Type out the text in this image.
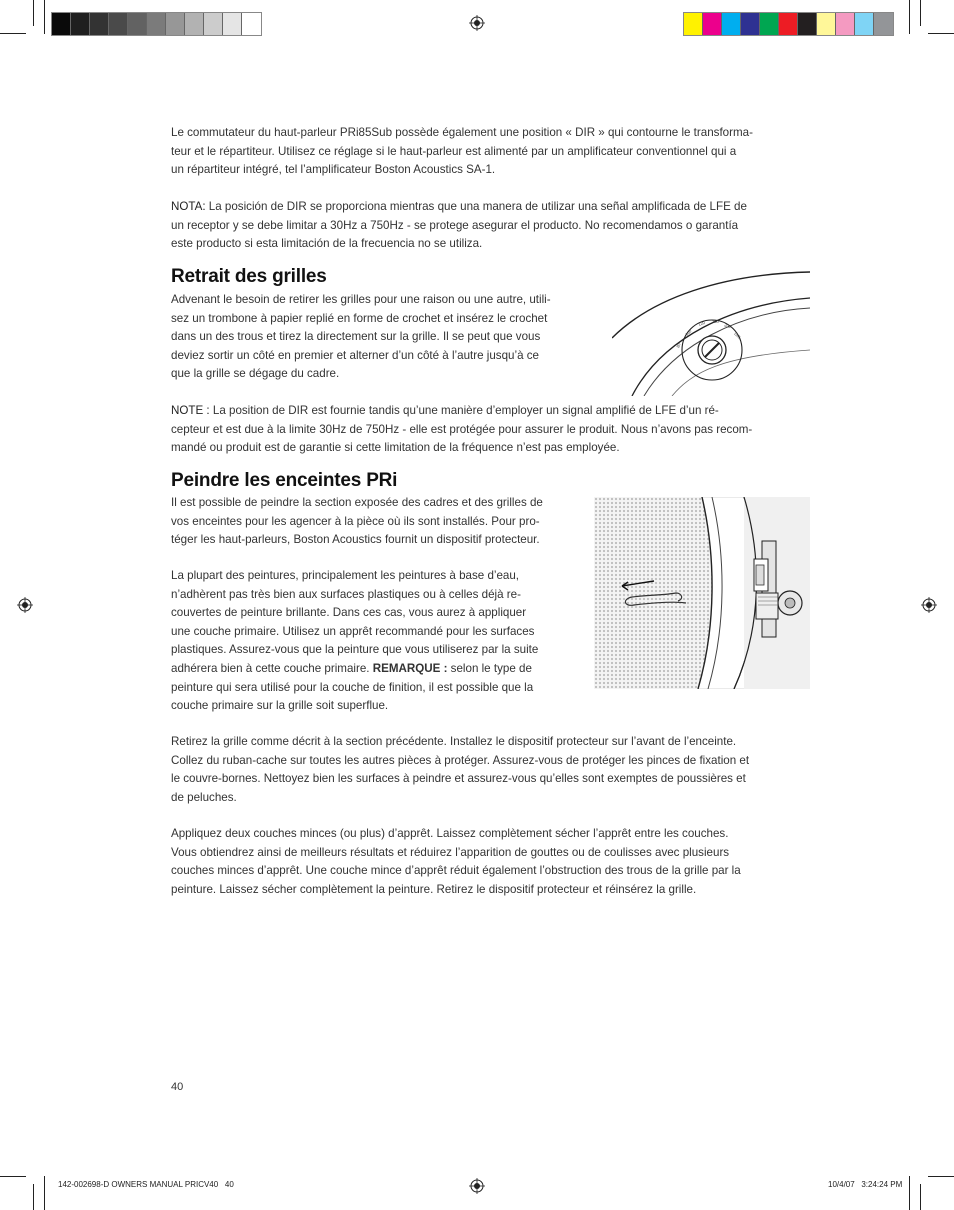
Le commutateur du haut-parleur PRi85Sub possède également une position « DIR » qui contourne le transforma-
teur et le répartiteur. Utilisez ce réglage si le haut-parleur est alimenté par un amplificateur conventionnel qui a
un répartiteur intégré, tel l’amplificateur Boston Acoustics SA-1.

NOTA: La posición de DIR se proporciona mientras que una manera de utilizar una señal amplificada de LFE de
un receptor y se debe limitar a 30Hz a 750Hz - se protege asegurar el producto. No recomendamos o garantía
este producto si esta limitación de la frecuencia no se utiliza.

Retrait des grilles

Advenant le besoin de retirer les grilles pour une raison ou une autre, utili-
sez un trombone à papier replié en forme de crochet et insérez le crochet
dans un des trous et tirez la directement sur la grille. Il se peut que vous
deviez sortir un côté en premier et alterner d’un côté à l’autre jusqu’à ce
que la grille se dégage du cadre.

100
120 150
200
DIR
80

NOTE : La position de DIR est fournie tandis qu’une manière d’employer un signal amplifié de LFE d’un ré-
cepteur et est due à la limite 30Hz de 750Hz - elle est protégée pour assurer le produit. Nous n’avons pas recom-
mandé ou produit est de garantie si cette limitation de la fréquence n’est pas employée.

Peindre les enceintes PRi

Il est possible de peindre la section exposée des cadres et des grilles de
vos enceintes pour les agencer à la pièce où ils sont installés. Pour pro-
téger les haut-parleurs, Boston Acoustics fournit un dispositif protecteur.

La plupart des peintures, principalement les peintures à base d’eau,
n’adhèrent pas très bien aux surfaces plastiques ou à celles déjà re-
couvertes de peinture brillante. Dans ces cas, vous aurez à appliquer
une couche primaire. Utilisez un apprêt recommandé pour les surfaces
plastiques. Assurez-vous que la peinture que vous utiliserez par la suite
adhérera bien à cette couche primaire. REMARQUE : selon le type de
peinture qui sera utilisé pour la couche de finition, il est possible que la
couche primaire sur la grille soit superflue.

Retirez la grille comme décrit à la section précédente. Installez le dispositif protecteur sur l’avant de l’enceinte.
Collez du ruban-cache sur toutes les autres pièces à protéger. Assurez-vous de protéger les pinces de fixation et
le couvre-bornes. Nettoyez bien les surfaces à peindre et assurez-vous qu’elles sont exemptes de poussières et
de peluches.

Appliquez deux couches minces (ou plus) d’apprêt. Laissez complètement sécher l’apprêt entre les couches.
Vous obtiendrez ainsi de meilleurs résultats et réduirez l’apparition de gouttes ou de coulisses avec plusieurs
couches minces d’apprêt. Une couche mince d’apprêt réduit également l’obstruction des trous de la grille par la
peinture. Laissez sécher complètement la peinture. Retirez le dispositif protecteur et réinsérez la grille.

40
142-002698-D OWNERS MANUAL PRICV40   40	10/4/07   3:24:24 PM
